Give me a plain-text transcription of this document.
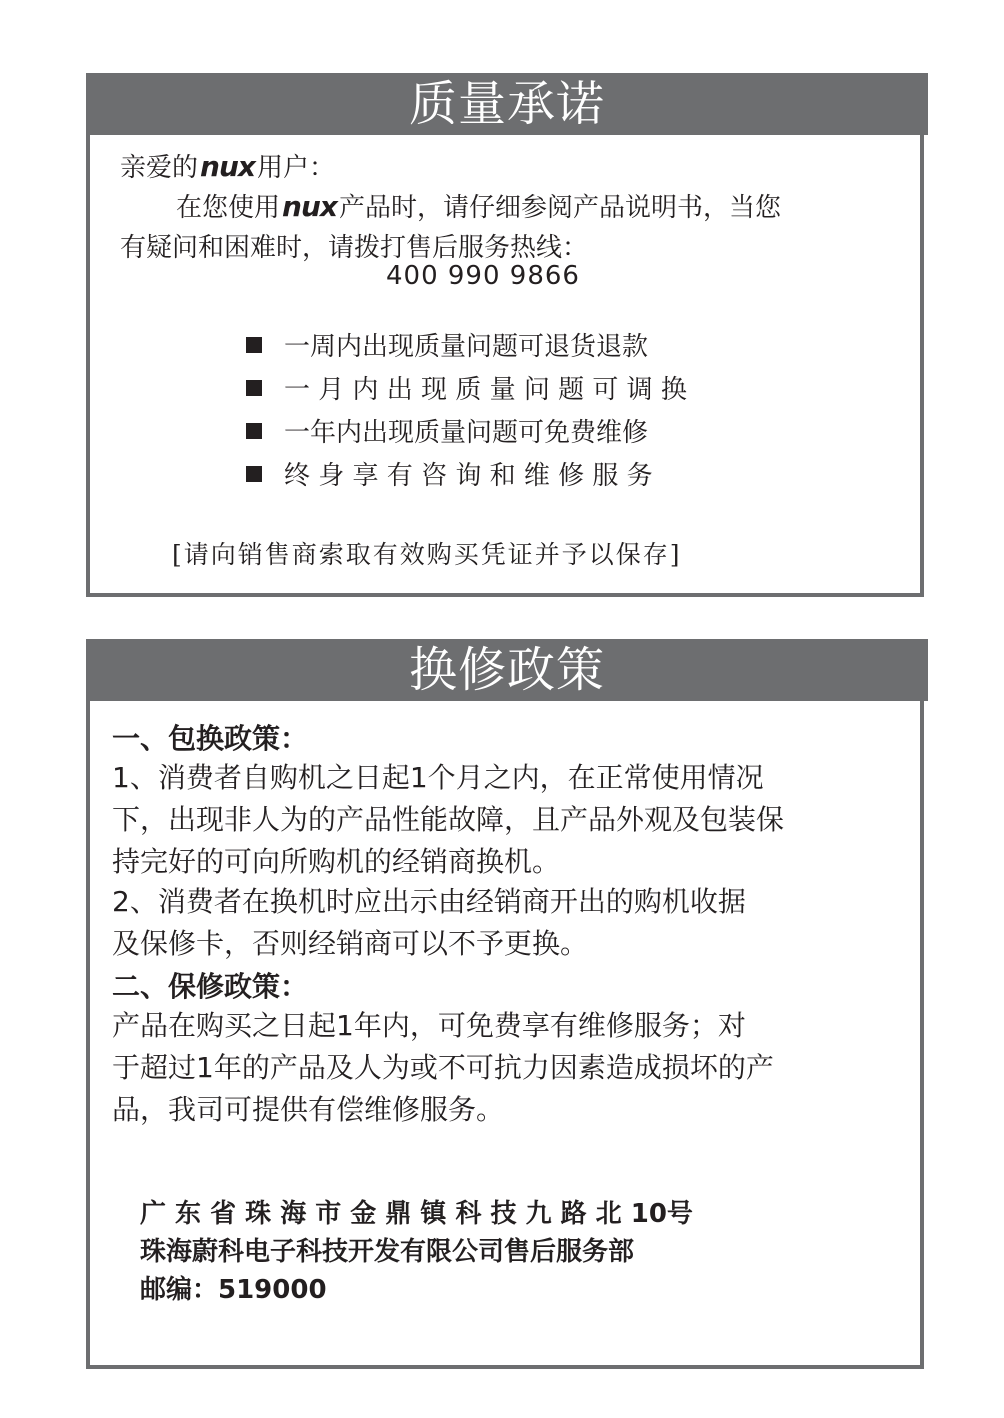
质量承诺
亲爱的nux用户：
在您使用nux产品时，请仔细参阅产品说明书，当您
有疑问和困难时，请拨打售后服务热线：
400 990 9866
一周内出现质量问题可退货退款
一 月 内 出 现 质 量 问 题 可 调 换
一年内出现质量问题可免费维修
终 身 享 有 咨 询 和 维 修 服 务
[请向销售商索取有效购买凭证并予以保存]
换修政策
一、包换政策：
1、消费者自购机之日起1个月之内，在正常使用情况
下，出现非人为的产品性能故障，且产品外观及包装保
持完好的可向所购机的经销商换机。
2、消费者在换机时应出示由经销商开出的购机收据
及保修卡，否则经销商可以不予更换。
二、保修政策：
产品在购买之日起1年内，可免费享有维修服务；对
于超过1年的产品及人为或不可抗力因素造成损坏的产
品，我司可提供有偿维修服务。
广 东 省 珠 海 市 金 鼎 镇 科 技 九 路 北 10号
珠海蔚科电子科技开发有限公司售后服务部
邮编：519000
